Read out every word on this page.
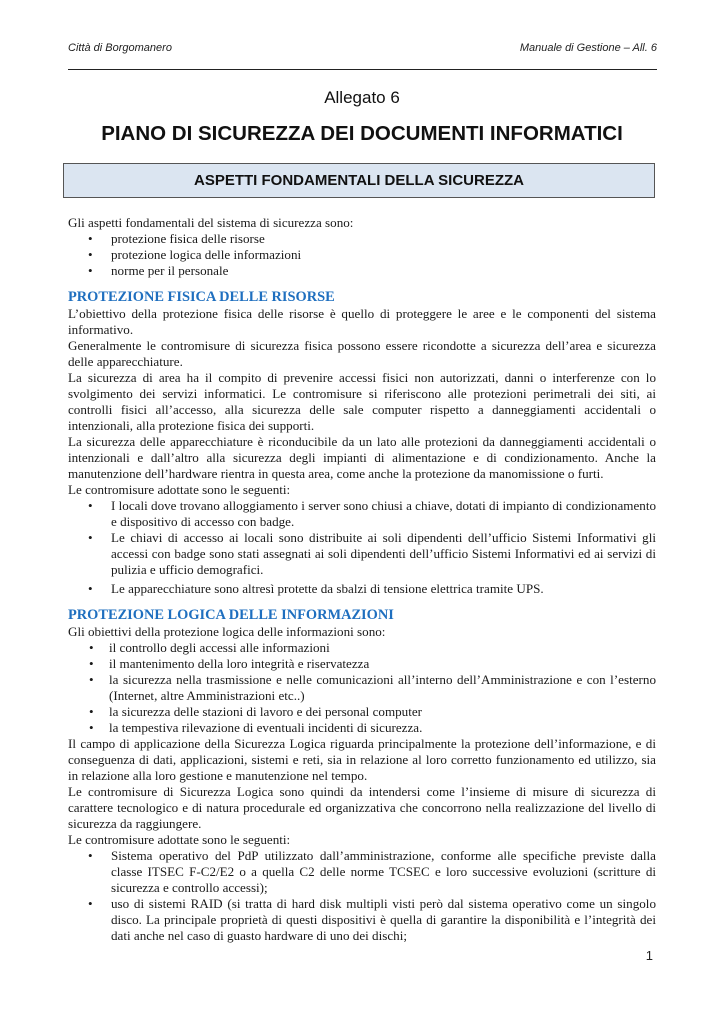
Città di Borgomanero	Manuale di Gestione – All. 6
Allegato 6
PIANO DI SICUREZZA DEI DOCUMENTI INFORMATICI
ASPETTI FONDAMENTALI DELLA SICUREZZA

Gli aspetti fondamentali del sistema di sicurezza sono:

• protezione fisica delle risorse
• protezione logica delle informazioni
• norme per il personale
PROTEZIONE FISICA DELLE RISORSE

L’obiettivo della protezione fisica delle risorse è quello di proteggere le aree e le componenti del sistema informativo.

Generalmente le contromisure di sicurezza fisica possono essere ricondotte a sicurezza dell’area e sicurezza delle apparecchiature.

La sicurezza di area ha il compito di prevenire accessi fisici non autorizzati, danni o interferenze con lo svolgimento dei servizi informatici. Le contromisure si riferiscono alle protezioni perimetrali dei siti, ai controlli fisici all’accesso, alla sicurezza delle sale computer rispetto a danneggiamenti accidentali o intenzionali, alla protezione fisica dei supporti.

La sicurezza delle apparecchiature è riconducibile da un lato alle protezioni da danneggiamenti accidentali o intenzionali e dall’altro alla sicurezza degli impianti di alimentazione e di condizionamento. Anche la manutenzione dell’hardware rientra in questa area, come anche la protezione da manomissione o furti.

Le contromisure adottate sono le seguenti:

• I locali dove trovano alloggiamento i server sono chiusi a chiave, dotati di impianto di condizionamento e dispositivo di accesso con badge.
• Le chiavi di accesso ai locali sono distribuite ai soli dipendenti dell’ufficio Sistemi Informativi gli accessi con badge sono stati assegnati ai soli dipendenti dell’ufficio Sistemi Informativi ed ai servizi di pulizia e ufficio demografici.
• Le apparecchiature sono altresì protette da sbalzi di tensione elettrica tramite UPS.
PROTEZIONE LOGICA DELLE INFORMAZIONI

Gli obiettivi della protezione logica delle informazioni sono:

• il controllo degli accessi alle informazioni
• il mantenimento della loro integrità e riservatezza
• la sicurezza nella trasmissione e nelle comunicazioni all’interno dell’Amministrazione e con l’esterno (Internet, altre Amministrazioni etc..)
• la sicurezza delle stazioni di lavoro e dei personal computer
• la tempestiva rilevazione di eventuali incidenti di sicurezza.

Il campo di applicazione della Sicurezza Logica riguarda principalmente la protezione dell’informazione, e di conseguenza di dati, applicazioni, sistemi e reti, sia in relazione al loro corretto funzionamento ed utilizzo, sia in relazione alla loro gestione e manutenzione nel tempo.

Le contromisure di Sicurezza Logica sono quindi da intendersi come l’insieme di misure di sicurezza di carattere tecnologico e di natura procedurale ed organizzativa che concorrono nella realizzazione del livello di sicurezza da raggiungere.

Le contromisure adottate sono le seguenti:

• Sistema operativo del PdP utilizzato dall’amministrazione, conforme alle specifiche previste dalla classe ITSEC F-C2/E2 o a quella C2 delle norme TCSEC e loro successive evoluzioni (scritture di sicurezza e controllo accessi);
• uso di sistemi RAID (si tratta di hard disk multipli visti però dal sistema operativo come un singolo disco. La principale proprietà di questi dispositivi è quella di garantire la disponibilità e l’integrità dei dati anche nel caso di guasto hardware di uno dei dischi;
1
